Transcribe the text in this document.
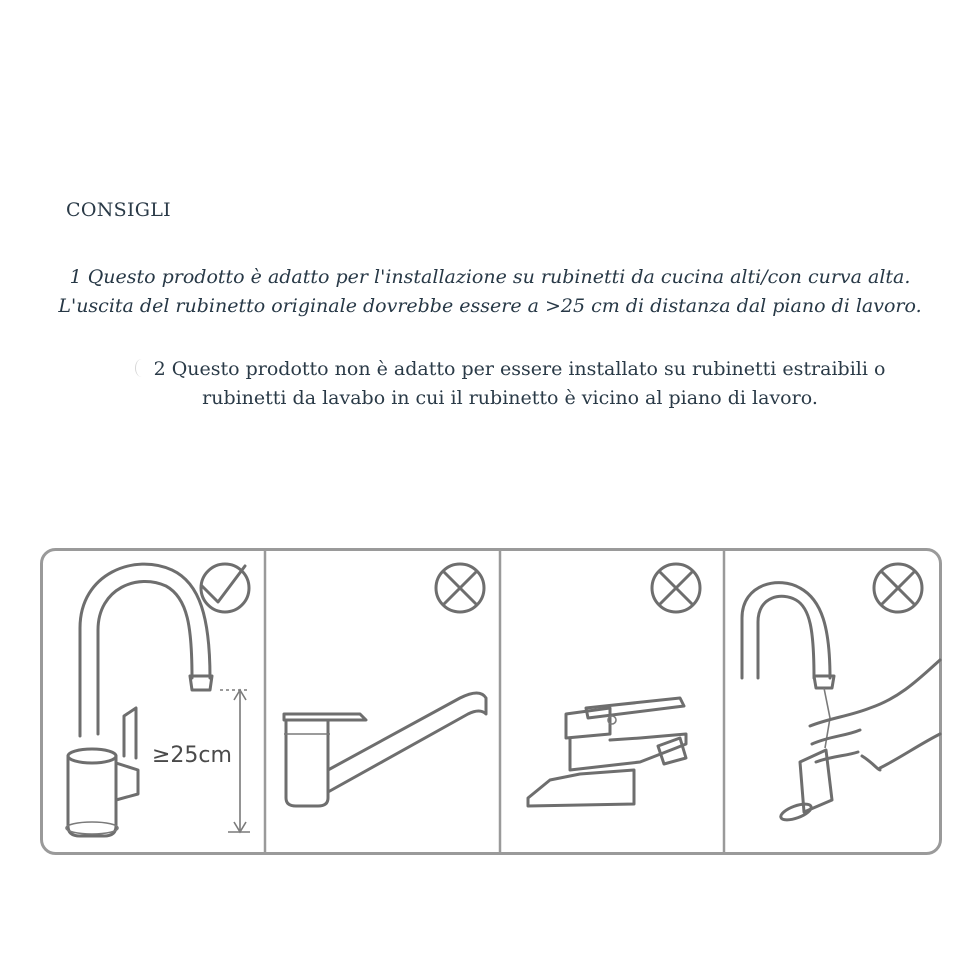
CONSIGLI
1 Questo prodotto è adatto per l'installazione su rubinetti da cucina alti/con curva alta.
L'uscita del rubinetto originale dovrebbe essere a >25 cm di distanza dal piano di lavoro.
2 Questo prodotto non è adatto per essere installato su rubinetti estraibili o
rubinetti da lavabo in cui il rubinetto è vicino al piano di lavoro.
≥25cm
